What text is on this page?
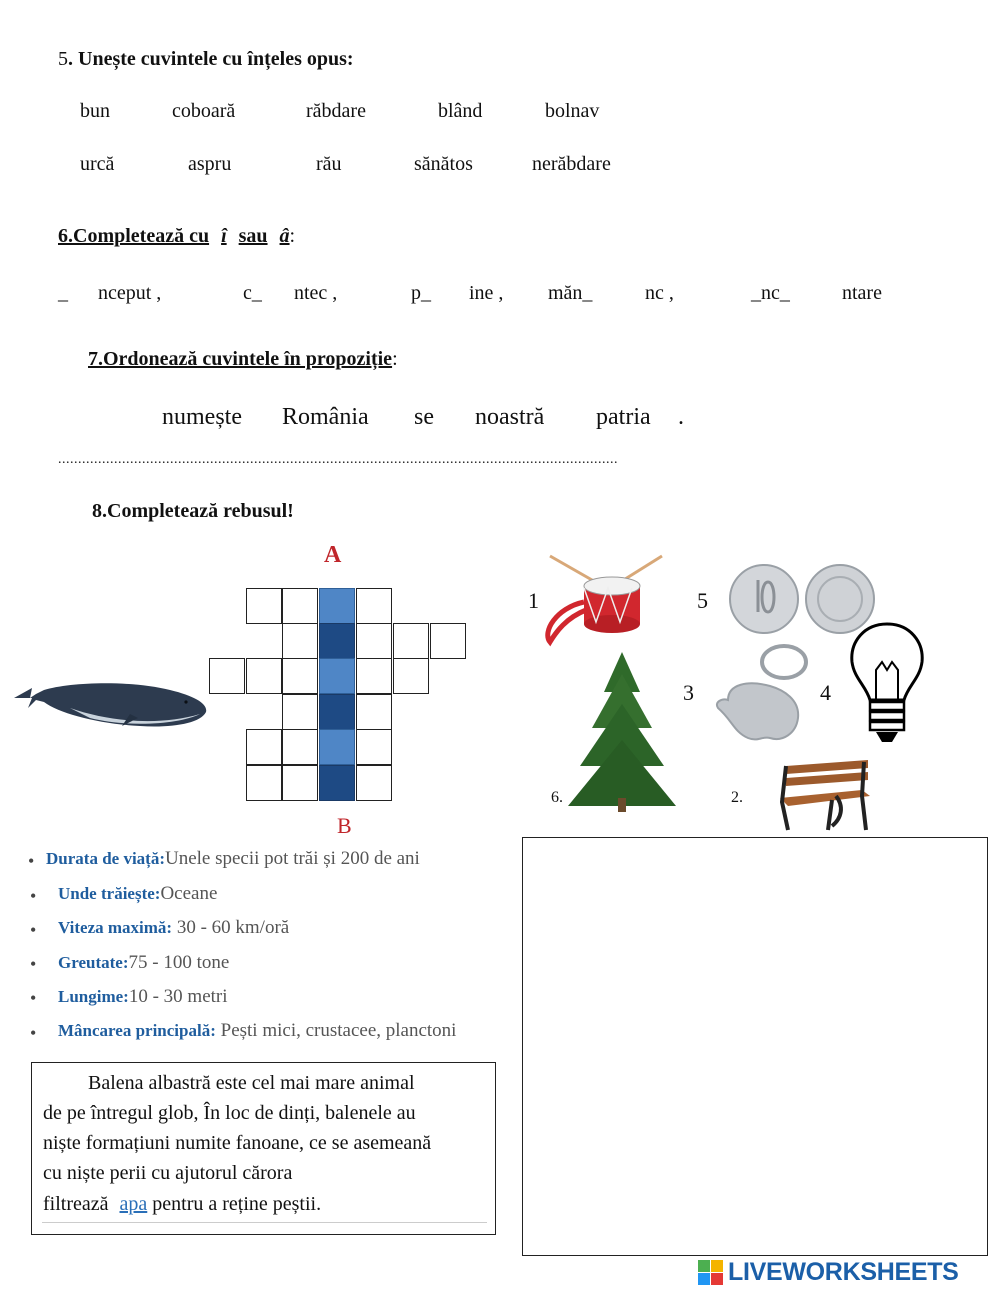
5. Unește cuvintele cu înțeles opus:
bun	coboară	răbdare	blând	bolnav
urcă	aspru	rău	sănătos	nerăbdare
6.Completează cu î sau â:
_ nceput ,	c_ ntec ,	p_ ine , măn_	nc ,	_nc_	ntare
7.Ordonează cuvintele în propoziție:
numește România se noastră patria .
............................................................................................................................................
8.Completează rebusul!
A
B
1	5
3	4
6.	2.
• Durata de viață:Unele specii pot trăi și 200 de ani
• Unde trăiește:Oceane
• Viteza maximă: 30 - 60 km/oră
• Greutate:75 - 100 tone
• Lungime:10 - 30 metri
• Mâncarea principală: Pești mici, crustacee, planctoni
Balena albastră este cel mai mare animal
de pe întregul glob, În loc de dinți, balenele au
niște formațiuni numite fanoane, ce se asemeană
cu niște perii cu ajutorul cărora
filtrează apa pentru a reține peștii.
LIVEWORKSHEETS
